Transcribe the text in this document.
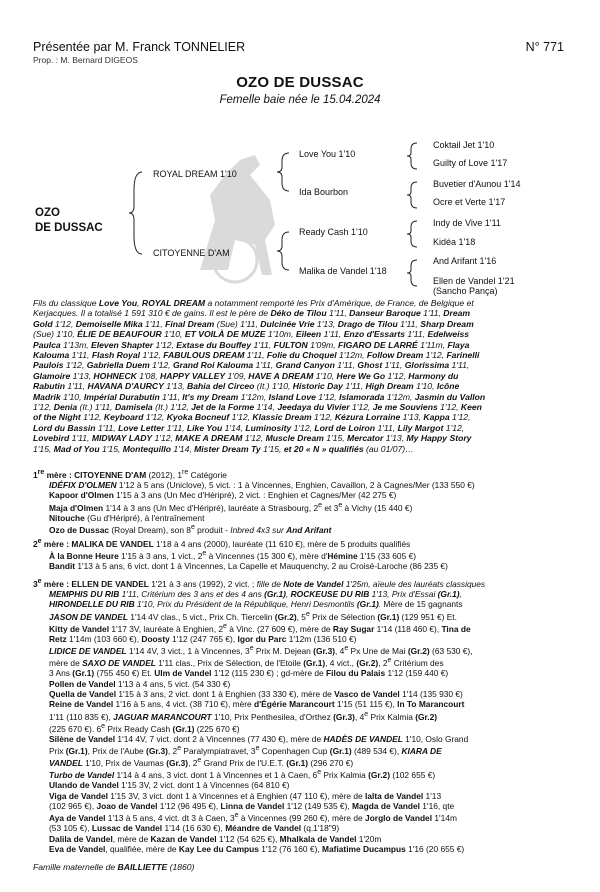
Présentée par M. Franck TONNELIER	N° 771
Prop. : M. Bernard DIGEOS
OZO DE DUSSAC
Femelle baie née le 15.04.2024
OZO
DE DUSSAC
ROYAL DREAM 1'10
CITOYENNE D'AM
Love You 1'10
Ida Bourbon
Ready Cash 1'10
Malika de Vandel 1'18
Coktail Jet 1'10
Guilty of Love 1'17
Buvetier d'Aunou 1'14
Ocre et Verte 1'17
Indy de Vive 1'11
Kidéa 1'18
And Arifant 1'16
Ellen de Vandel 1'21
(Sancho Pança)
Fils du classique Love You, ROYAL DREAM a notamment remporté les Prix d'Amérique, de France, de Belgique et
Kerjacques. Il a totalisé 1 591 310 € de gains. Il est le père de Déko de Tilou 1'11, Danseur Baroque 1'11, Dream
Gold 1'12, Demoiselle Mika 1'11, Final Dream (Sue) 1'11, Dulcinée Vrie 1'13, Drago de Tilou 1'11, Sharp Dream
(Sue) 1'10, ÉLIE DE BEAUFOUR 1'10, ET VOILÀ DE MUZE 1'10m, Eileen 1'11, Enzo d'Essarts 1'11, Edelweiss
Paulca 1'13m, Eleven Shapter 1'12, Extase du Bouffey 1'11, FULTON 1'09m, FIGARO DE LARRÉ 1'11m, Flaya
Kalouma 1'11, Flash Royal 1'12, FABULOUS DREAM 1'11, Folie du Choquel 1'12m, Follow Dream 1'12, Farinelli
Paulois 1'12, Gabriella Duem 1'12, Grand Roi Kalouma 1'11, Grand Canyon 1'11, Ghost 1'11, Glorissima 1'11,
Glamoire 1'13, HOHNECK 1'08, HAPPY VALLEY 1'09, HAVE A DREAM 1'10, Here We Go 1'12, Harmony du
Rabutin 1'11, HAVANA D'AURCY 1'13, Bahia del Circeo (It.) 1'10, Historic Day 1'11, High Dream 1'10, Icône
Madrik 1'10, Impérial Durabutin 1'11, It's my Dream 1'12m, Island Love 1'12, Islamorada 1'12m, Jasmin du Vallon
1'12, Denia (It.) 1'11, Damisela (It.) 1'12, Jet de la Forme 1'14, Jeedaya du Vivier 1'12, Je me Souviens 1'12, Keen
of the Night 1'12, Keyboard 1'12, Kyoka Bocneuf 1'12, Klassic Dream 1'12, Kézura Lorraine 1'13, Kappa 1'12,
Lord du Bassin 1'11, Love Letter 1'11, Like You 1'14, Luminosity 1'12, Lord de Loiron 1'11, Lily Margot 1'12,
Lovebird 1'11, MIDWAY LADY 1'12, MAKE A DREAM 1'12, Muscle Dream 1'15, Mercator 1'13, My Happy Story
1'15, Mad of You 1'15, Montequillo 1'14, Mister Dream Ty 1'15, et 20 « N » qualifiés (au 01/07)…
1re mère : CITOYENNE D'AM (2012), 1re Catégorie
IDÉFIX D'OLMEN 1'12 à 5 ans (Uniclove), 5 vict. : 1 à Vincennes, Enghien, Cavaillon, 2 à Cagnes/Mer (133 550 €)
Kapoor d'Olmen 1'15 à 3 ans (Un Mec d'Héripré), 2 vict. : Enghien et Cagnes/Mer (42 275 €)
Maja d'Olmen 1'14 à 3 ans (Un Mec d'Héripré), lauréate à Strasbourg, 2e et 3e à Vichy (15 440 €)
Nitouche (Gu d'Héripré), à l'entraînement
Ozo de Dussac (Royal Dream), son 8e produit - Inbred 4x3 sur And Arifant
2e mère : MALIKA DE VANDEL 1'18 à 4 ans (2000), lauréate (11 610 €), mère de 5 produits qualifiés
À la Bonne Heure 1'15 à 3 ans, 1 vict., 2e à Vincennes (15 300 €), mère d'Hémine 1'15 (33 605 €)
Bandit 1'13 à 5 ans, 6 vict. dont 1 à Vincennes, La Capelle et Mauquenchy, 2 au Croisé-Laroche (86 235 €)
3e mère : ELLEN DE VANDEL 1'21 à 3 ans (1992), 2 vict. ; fille de Note de Vandel 1'25m, aïeule des lauréats classiques
MEMPHIS DU RIB 1'11, Critérium des 3 ans et des 4 ans (Gr.1), ROCKEUSE DU RIB 1'13, Prix d'Essai (Gr.1),
HIRONDELLE DU RIB 1'10, Prix du Président de la République, Henri Desmontils (Gr.1). Mère de 15 gagnants
JASON DE VANDEL 1'14 4V clas., 5 vict., Prix Ch. Tiercelin (Gr.2), 5e Prix de Sélection (Gr.1) (129 951 €) Et.
Kitty de Vandel 1'17 3V, lauréate à Enghien, 2e à Vinc. (27 609 €), mère de Ray Sugar 1'14 (118 460 €), Tina de
Retz 1'14m (103 660 €), Doosty 1'12 (247 765 €), Igor du Parc 1'12m (136 510 €)
LIDICE DE VANDEL 1'14 4V, 3 vict., 1 à Vincennes, 3e Prix M. Dejean (Gr.3), 4e Px Une de Mai (Gr.2) (63 530 €),
mère de SAXO DE VANDEL 1'11 clas., Prix de Sélection, de l'Etoile (Gr.1), 4 vict., (Gr.2), 2e Critérium des
3 Ans (Gr.1) (755 450 €) Et. Ulm de Vandel 1'12 (115 230 €) ; gd-mère de Filou du Palais 1'12 (159 440 €)
Pollen de Vandel 1'13 à 4 ans, 5 vict. (54 330 €)
Quella de Vandel 1'15 à 3 ans, 2 vict. dont 1 à Enghien (33 330 €), mère de Vasco de Vandel 1'14 (135 930 €)
Reine de Vandel 1'16 à 5 ans, 4 vict. (38 710 €), mère d'Égérie Marancourt 1'15 (51 115 €), In To Marancourt
1'11 (110 835 €), JAGUAR MARANCOURT 1'10, Prix Penthesilea, d'Orthez (Gr.3), 4e Prix Kalmia (Gr.2)
(225 670 €). 6e Prix Ready Cash (Gr.1) (225 670 €)
Silène de Vandel 1'14 4V, 7 vict. dont 2 à Vincennes (77 430 €), mère de HADÈS DE VANDEL 1'10, Oslo Grand
Prix (Gr.1), Prix de l'Aube (Gr.3), 2e Paralympiatravet, 3e Copenhagen Cup (Gr.1) (489 534 €), KIARA DE
VANDEL 1'10, Prix de Vaumas (Gr.3), 2e Grand Prix de l'U.E.T. (Gr.1) (296 270 €)
Turbo de Vandel 1'14 à 4 ans, 3 vict. dont 1 à Vincennes et 1 à Caen, 6e Prix Kalmia (Gr.2) (102 655 €)
Ulando de Vandel 1'15 3V, 2 vict. dont 1 à Vincennes (64 810 €)
Viga de Vandel 1'15 3V, 3 vict. dont 1 à Vincennes et à Enghien (47 110 €), mère de Ialta de Vandel 1'13
(102 965 €), Joao de Vandel 1'12 (96 495 €), Linna de Vandel 1'12 (149 535 €), Magda de Vandel 1'16, qte
Aya de Vandel 1'13 à 5 ans, 4 vict. dt 3 à Caen, 3e à Vincennes (99 260 €), mère de Jorglo de Vandel 1'14m
(53 105 €), Lussac de Vandel 1'14 (16 630 €), Méandre de Vandel (q.1'18"9)
Dalila de Vandel, mère de Kazan de Vandel 1'12 (54 625 €), Mhalkala de Vandel 1'20m
Eva de Vandel, qualifiée, mère de Kay Lee du Campus 1'12 (76 160 €), Mafiatime Ducampus 1'16 (20 655 €)
Famille maternelle de BAILLIETTE (1860)
